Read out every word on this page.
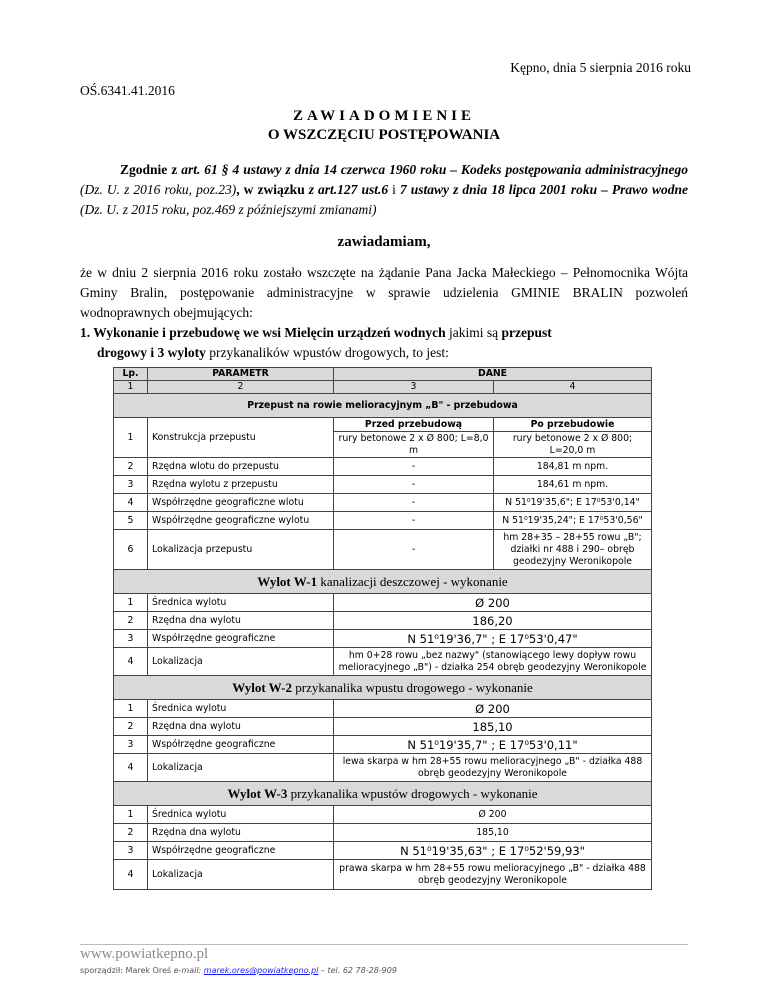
Kępno, dnia 5 sierpnia 2016 roku
OŚ.6341.41.2016
ZAWIADOMIENIE
O WSZCZĘCIU POSTĘPOWANIA
Zgodnie z art. 61 § 4 ustawy z dnia 14 czerwca 1960 roku – Kodeks postępowania administracyjnego (Dz. U. z 2016 roku, poz.23), w związku z art.127 ust.6 i 7 ustawy z dnia 18 lipca 2001 roku – Prawo wodne (Dz. U. z 2015 roku, poz.469 z późniejszymi zmianami)
zawiadamiam,
że w dniu 2 sierpnia 2016 roku zostało wszczęte na żądanie Pana Jacka Małeckiego – Pełnomocnika Wójta Gminy Bralin, postępowanie administracyjne w sprawie udzielenia GMINIE BRALIN pozwoleń wodnoprawnych obejmujących:
1. Wykonanie i przebudowę we wsi Mielęcin urządzeń wodnych jakimi są przepust
drogowy i 3 wyloty przykanalików wpustów drogowych, to jest:
Lp.	PARAMETR	DANE	
1	2	3	4
Przepust na rowie melioracyjnym „B" - przebudowa			
1	Konstrukcja przepustu	Przed przebudową	Po przebudowie
		rury betonowe 2 x Ø 800; L=8,0 m	rury betonowe 2 x Ø 800; L=20,0 m
2	Rzędna wlotu do przepustu	-	184,81 m npm.
3	Rzędna wylotu z przepustu	-	184,61 m npm.
4	Współrzędne geograficzne wlotu	-	N 51⁰19'35,6"; E 17⁰53'0,14"
5	Współrzędne geograficzne wylotu	-	N 51⁰19'35,24"; E 17⁰53'0,56"
6	Lokalizacja przepustu	-	hm 28+35 – 28+55 rowu „B"; działki nr 488 i 290– obręb geodezyjny Weronikopole
Wylot W-1 kanalizacji deszczowej - wykonanie			
1	Średnica wylotu	Ø 200	
2	Rzędna dna wylotu	186,20	
3	Współrzędne geograficzne	N 51⁰19'36,7" ; E 17⁰53'0,47"	
4	Lokalizacja	hm 0+28 rowu „bez nazwy" (stanowiącego lewy dopływ rowu melioracyjnego „B") - działka 254 obręb geodezyjny Weronikopole	
Wylot W-2 przykanalika wpustu drogowego - wykonanie			
1	Średnica wylotu	Ø 200	
2	Rzędna dna wylotu	185,10	
3	Współrzędne geograficzne	N 51⁰19'35,7" ; E 17⁰53'0,11"	
4	Lokalizacja	lewa skarpa w hm 28+55 rowu melioracyjnego „B" - działka 488 obręb geodezyjny Weronikopole	
Wylot W-3 przykanalika wpustów drogowych - wykonanie			
1	Średnica wylotu	Ø 200	
2	Rzędna dna wylotu	185,10	
3	Współrzędne geograficzne	N 51⁰19'35,63" ; E 17⁰52'59,93"	
4	Lokalizacja	prawa skarpa w hm 28+55 rowu melioracyjnego „B" - działka 488 obręb geodezyjny Weronikopole	
www.powiatkepno.pl
sporządził: Marek Oreś e-mail: marek.ores@powiatkepno.pl – tel. 62 78-28-909
